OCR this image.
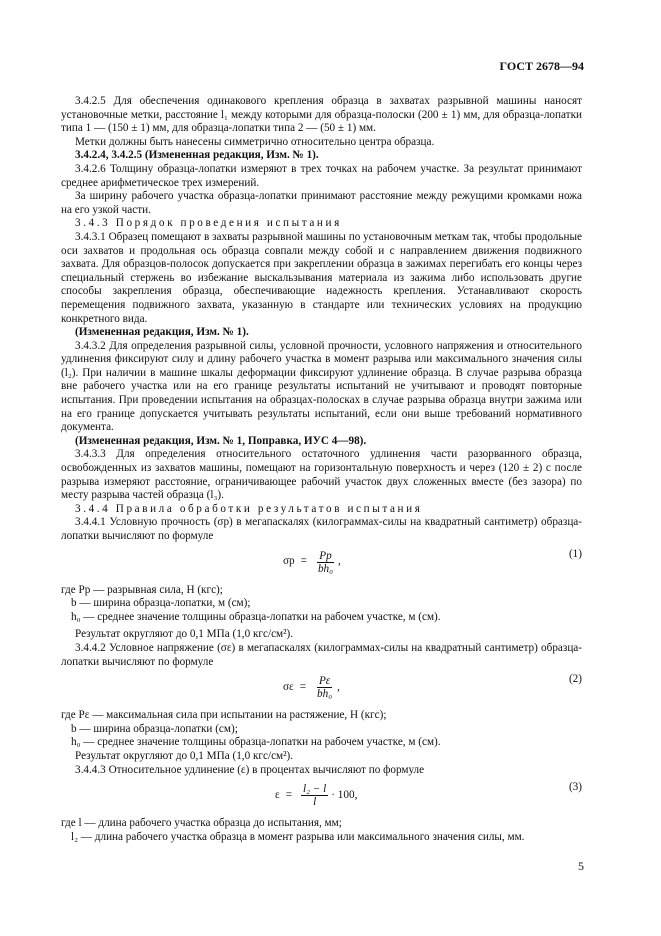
ГОСТ 2678—94

3.4.2.5 Для обеспечения одинакового крепления образца в захватах разрывной машины наносят установочные метки, расстояние l₁ между которыми для образца-полоски (200 ± 1) мм, для образца-лопатки типа 1 — (150 ± 1) мм, для образца-лопатки типа 2 — (50 ± 1) мм.

Метки должны быть нанесены симметрично относительно центра образца.

3.4.2.4, 3.4.2.5 (Измененная редакция, Изм. № 1).

3.4.2.6 Толщину образца-лопатки измеряют в трех точках на рабочем участке. За результат принимают среднее арифметическое трех измерений.

За ширину рабочего участка образца-лопатки принимают расстояние между режущими кромками ножа на его узкой части.

3.4.3 Порядок проведения испытания

3.4.3.1 Образец помещают в захваты разрывной машины по установочным меткам так, чтобы продольные оси захватов и продольная ось образца совпали между собой и с направлением движения подвижного захвата. Для образцов-полосок допускается при закреплении образца в зажимах перегибать его концы через специальный стержень во избежание выскальзывания материала из зажима либо использовать другие способы закрепления образца, обеспечивающие надежность крепления. Устанавливают скорость перемещения подвижного захвата, указанную в стандарте или технических условиях на продукцию конкретного вида.

(Измененная редакция, Изм. № 1).

3.4.3.2 Для определения разрывной силы, условной прочности, условного напряжения и относительного удлинения фиксируют силу и длину рабочего участка в момент разрыва или максимального значения силы (l₂). При наличии в машине шкалы деформации фиксируют удлинение образца. В случае разрыва образца вне рабочего участка или на его границе результаты испытаний не учитывают и проводят повторные испытания. При проведении испытания на образцах-полосках в случае разрыва образца внутри зажима или на его границе допускается учитывать результаты испытаний, если они выше требований нормативного документа.

(Измененная редакция, Изм. № 1, Поправка, ИУС 4—98).

3.4.3.3 Для определения относительного остаточного удлинения части разорванного образца, освобожденных из захватов машины, помещают на горизонтальную поверхность и через (120 ± 2) с после разрыва измеряют расстояние, ограничивающее рабочий участок двух сложенных вместе (без зазора) по месту разрыва частей образца (l₃).

3.4.4 Правила обработки результатов испытания

3.4.4.1 Условную прочность (σр) в мегапаскалях (килограммах-силы на квадратный сантиметр) образца-лопатки вычисляют по формуле

$\sigma р = \frac{Pр}{\text{bh₀}}$ ,
(1)

где Pр — разрывная сила, Н (кгс);

b — ширина образца-лопатки, м (см);

h₀ — среднее значение толщины образца-лопатки на рабочем участке, м (см).

Результат округляют до 0,1 МПа (1,0 кгс/см²).

3.4.4.2 Условное напряжение (σε) в мегапаскалях (килограммах-силы на квадратный сантиметр) образца-лопатки вычисляют по формуле

$\sigma\varepsilon = \frac{P\varepsilon}{\text{bh₀}}$ ,
(2)

где Pε — максимальная сила при испытании на растяжение, Н (кгс);

b — ширина образца-лопатки (см);

h₀ — среднее значение толщины образца-лопатки на рабочем участке, м (см).

Результат округляют до 0,1 МПа (1,0 кгс/см²).

3.4.4.3 Относительное удлинение (ε) в процентах вычисляют по формуле

$\varepsilon = \frac{\text{l₂ − l}}{l} \cdot 100$,
(3)

где l — длина рабочего участка образца до испытания, мм;

l₂ — длина рабочего участка образца в момент разрыва или максимального значения силы, мм.

5
